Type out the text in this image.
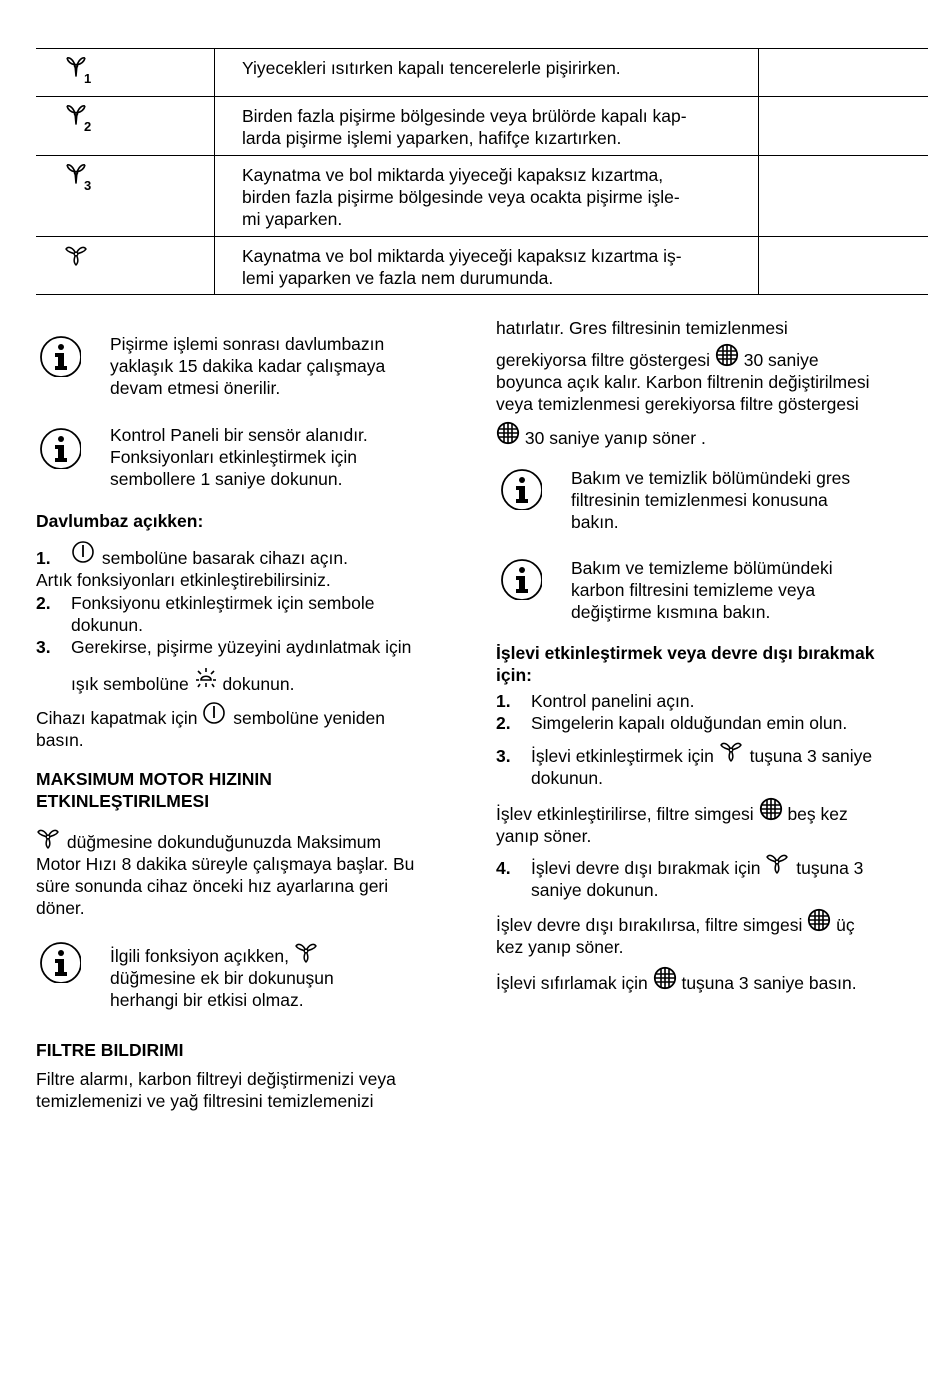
1	Yiyecekleri ısıtırken kapalı tencerelerle pişirirken.	

2	Birden fazla pişirme bölgesinde veya brülörde kapalı kap-
larda pişirme işlemi yaparken, hafifçe kızartırken.	

3	Kaynatma ve bol miktarda yiyeceği kapaksız kızartma,
birden fazla pişirme bölgesinde veya ocakta pişirme işle-
mi yaparken.	

	Kaynatma ve bol miktarda yiyeceği kapaksız kızartma iş-
lemi yaparken ve fazla nem durumunda.	

Pişirme işlemi sonrası davlumbazın
yaklaşık 15 dakika kadar çalışmaya
devam etmesi önerilir.

Kontrol Paneli bir sensör alanıdır.
Fonksiyonları etkinleştirmek için
sembollere 1 saniye dokunun.

Davlumbaz açıkken:

1.	sembolüne basarak cihazı açın.

Artık fonksiyonları etkinleştirebilirsiniz.

2.	Fonksiyonu etkinleştirmek için sembole
dokunun.
3. Gerekirse, pişirme yüzeyini aydınlatmak için
ışık sembolüne dokunun.
Cihazı kapatmak için sembolüne yeniden
basın.

MAKSIMUM MOTOR HIZININ
ETKINLEŞTIRILMESI

düğmesine dokunduğunuzda Maksimum
Motor Hızı 8 dakika süreyle çalışmaya başlar. Bu
süre sonunda cihaz önceki hız ayarlarına geri
döner.
İlgili fonksiyon açıkken,
düğmesine ek bir dokunuşun
herhangi bir etkisi olmaz.

FILTRE BILDIRIMI

Filtre alarmı, karbon filtreyi değiştirmenizi veya
temizlemenizi ve yağ filtresini temizlemenizi

hatırlatır. Gres filtresinin temizlenmesi

gerekiyorsa filtre göstergesi 30 saniye
boyunca açık kalır. Karbon filtrenin değiştirilmesi
veya temizlenmesi gerekiyorsa filtre göstergesi
30 saniye yanıp söner .

Bakım ve temizlik bölümündeki gres
filtresinin temizlenmesi konusuna
bakın.

Bakım ve temizleme bölümündeki
karbon filtresini temizleme veya
değiştirme kısmına bakın.

İşlevi etkinleştirmek veya devre dışı bırakmak
için:

1. Kontrol panelini açın.
2. Simgelerin kapalı olduğundan emin olun.
3. İşlevi etkinleştirmek için tuşuna 3 saniye
dokunun.
İşlev etkinleştirilirse, filtre simgesi beş kez
yanıp söner.
4. İşlevi devre dışı bırakmak için tuşuna 3
saniye dokunun.
İşlev devre dışı bırakılırsa, filtre simgesi üç
kez yanıp söner.
İşlevi sıfırlamak için tuşuna 3 saniye basın.
